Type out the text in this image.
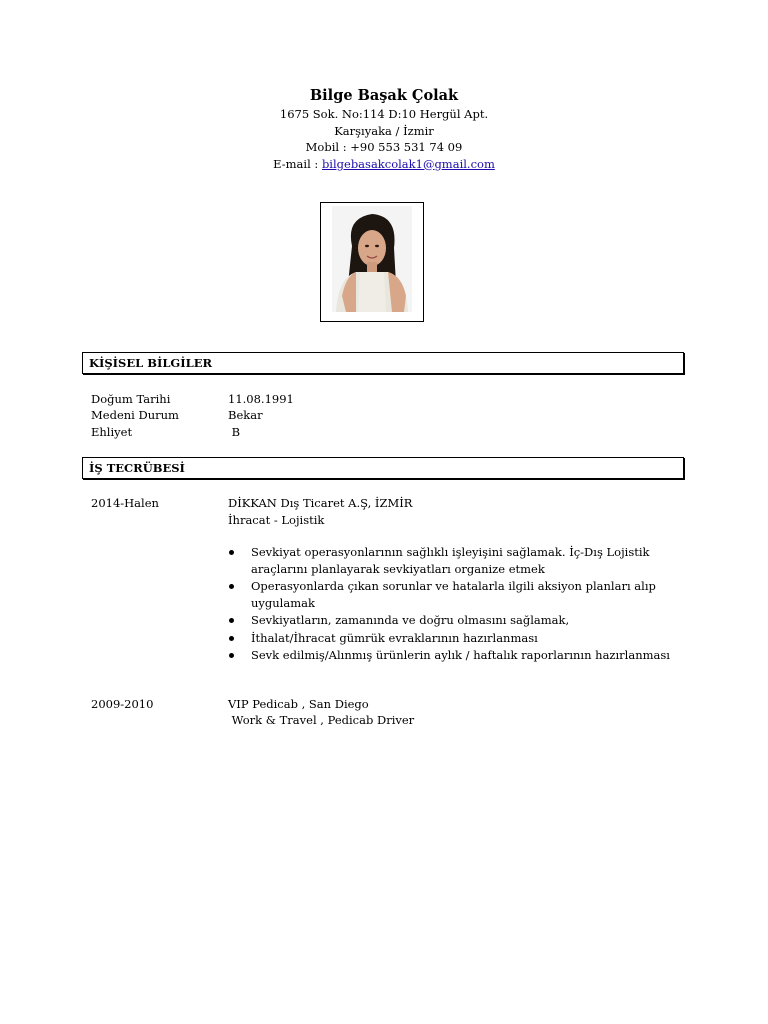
Bilge Başak Çolak
1675 Sok. No:114 D:10 Hergül Apt.
Karşıyaka / İzmir
Mobil : +90 553 531 74 09
E-mail : bilgebasakcolak1@gmail.com
KİŞİSEL BİLGİLER
Doğum Tarihi	11.08.1991
Medeni Durum	Bekar
Ehliyet	B
İŞ TECRÜBESİ
2014-Halen	DİKKAN Dış Ticaret A.Ş, İZMİR
İhracat - Lojistik
Sevkiyat operasyonlarının sağlıklı işleyişini sağlamak. İç-Dış Lojistik araçlarını planlayarak sevkiyatları organize etmek
Operasyonlarda çıkan sorunlar ve hatalarla ilgili aksiyon planları alıp uygulamak
Sevkiyatların, zamanında ve doğru olmasını sağlamak,
İthalat/İhracat gümrük evraklarının hazırlanması
Sevk edilmiş/Alınmış ürünlerin aylık / haftalık raporlarının hazırlanması
2009-2010	VIP Pedicab , San Diego
Work & Travel , Pedicab Driver
